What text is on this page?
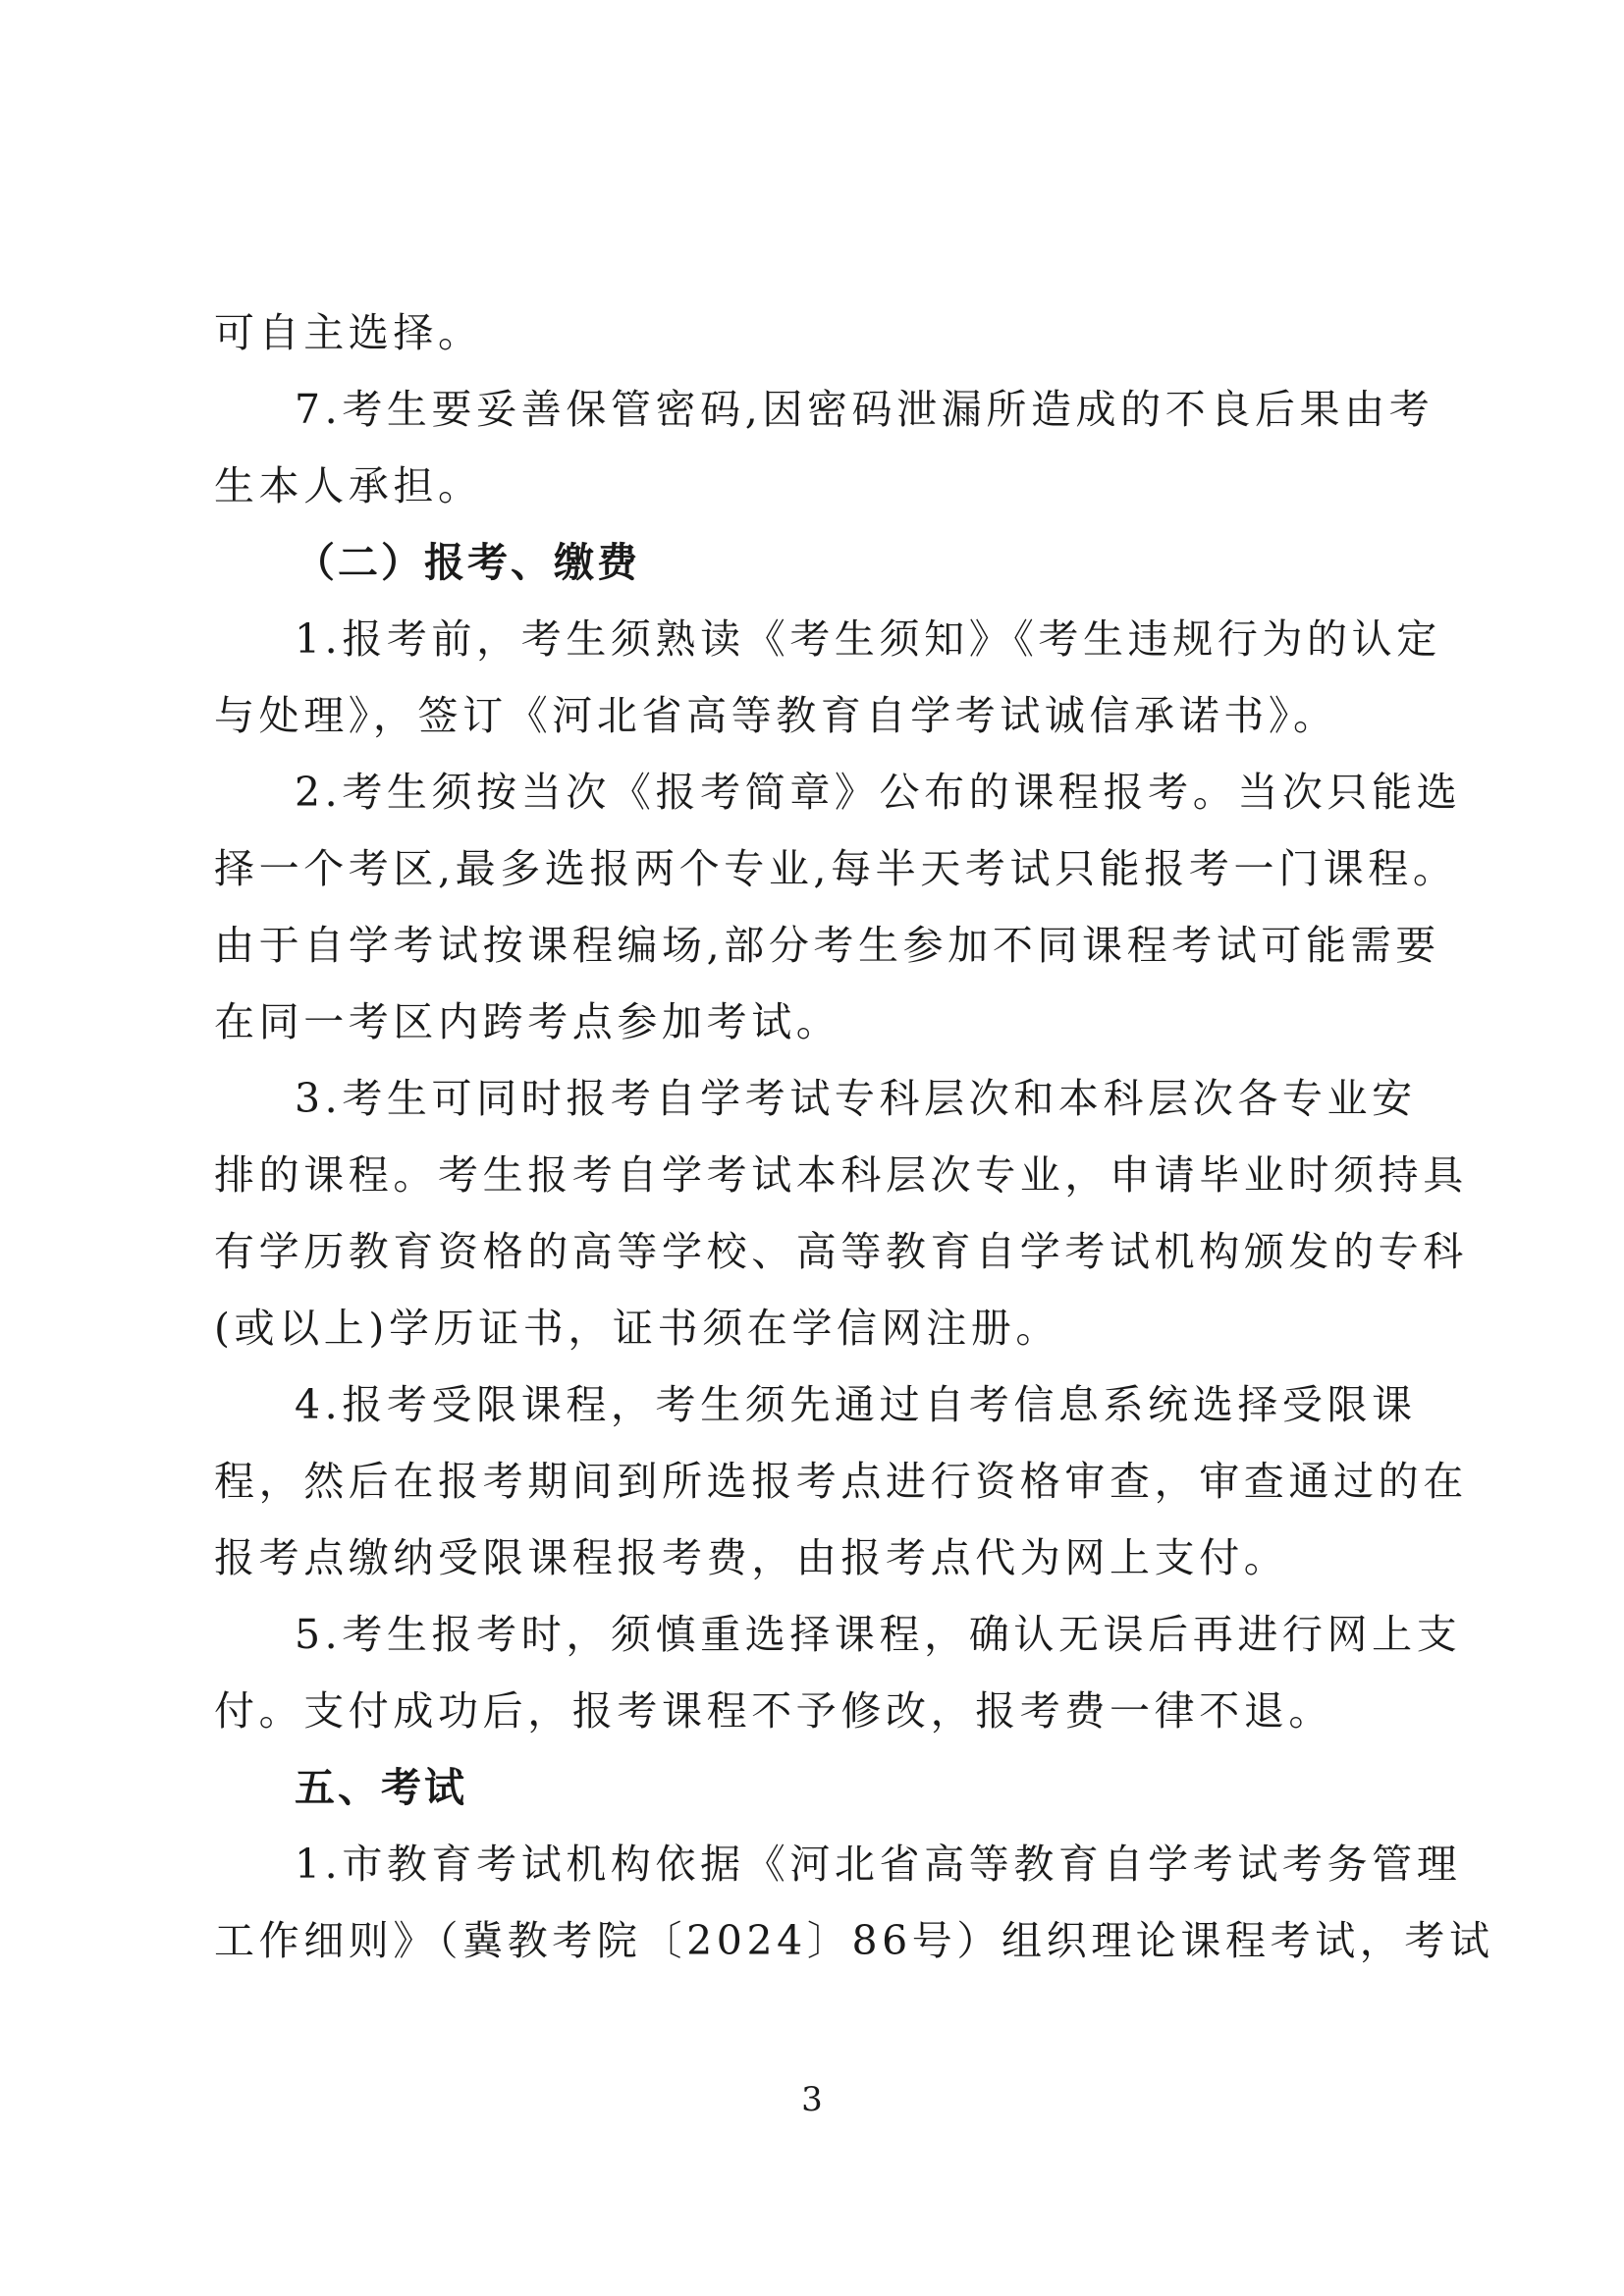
可自主选择。
7.考生要妥善保管密码,因密码泄漏所造成的不良后果由考
生本人承担。
（二）报考、缴费
1.报考前，考生须熟读《考生须知》《考生违规行为的认定
与处理》，签订《河北省高等教育自学考试诚信承诺书》。
2.考生须按当次《报考简章》公布的课程报考。当次只能选
择一个考区,最多选报两个专业,每半天考试只能报考一门课程。
由于自学考试按课程编场,部分考生参加不同课程考试可能需要
在同一考区内跨考点参加考试。
3.考生可同时报考自学考试专科层次和本科层次各专业安
排的课程。考生报考自学考试本科层次专业，申请毕业时须持具
有学历教育资格的高等学校、高等教育自学考试机构颁发的专科
(或以上)学历证书，证书须在学信网注册。
4.报考受限课程，考生须先通过自考信息系统选择受限课
程，然后在报考期间到所选报考点进行资格审查，审查通过的在
报考点缴纳受限课程报考费，由报考点代为网上支付。
5.考生报考时，须慎重选择课程，确认无误后再进行网上支
付。支付成功后，报考课程不予修改，报考费一律不退。
五、考试
1.市教育考试机构依据《河北省高等教育自学考试考务管理
工作细则》（冀教考院〔2024〕86号）组织理论课程考试，考试
3
